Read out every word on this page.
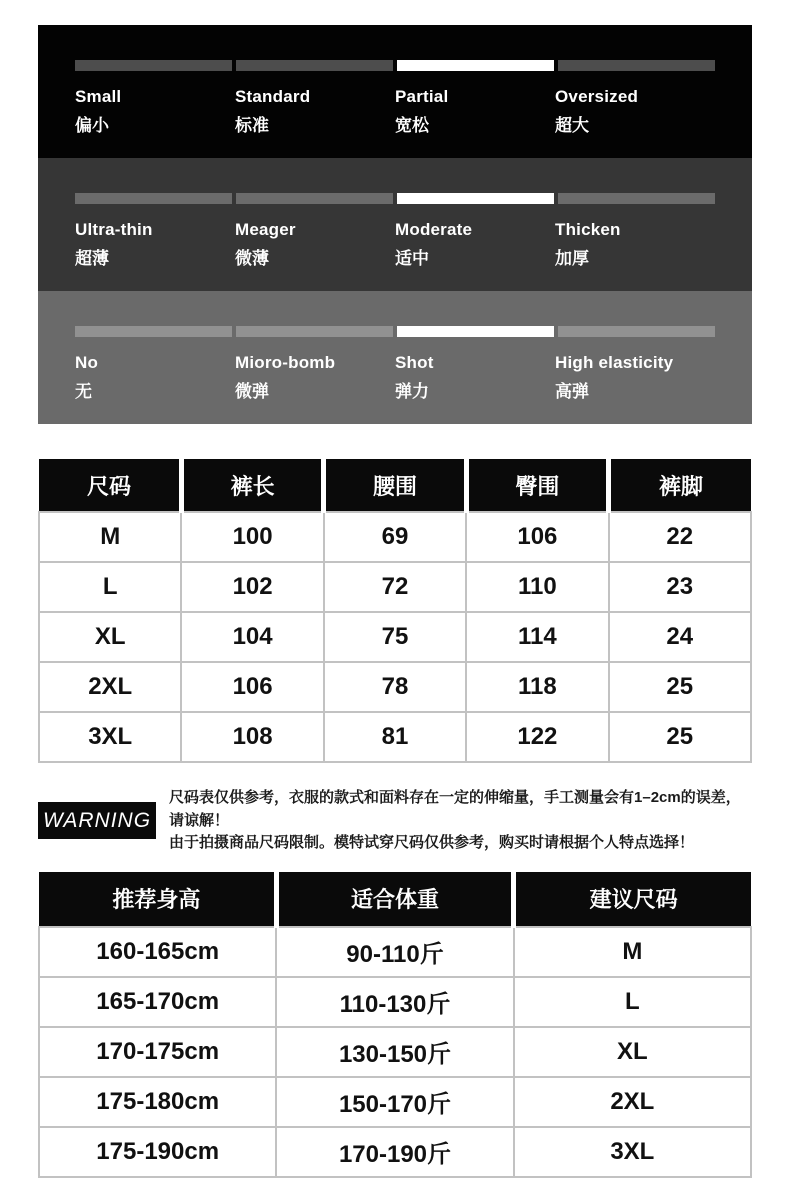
Small
偏小
Standard
标准
Partial
宽松
Oversized
超大
Ultra-thin
超薄
Meager
微薄
Moderate
适中
Thicken
加厚
No
无
Mioro-bomb
微弹
Shot
弹力
High elasticity
高弹
尺码	裤长	腰围	臀围	裤脚
M	100	69	106	22
L	102	72	110	23
XL	104	75	114	24
2XL	106	78	118	25
3XL	108	81	122	25
WARNING
尺码表仅供参考，衣服的款式和面料存在一定的伸缩量，手工测量会有1–2cm的误差，请谅解！
由于拍摄商品尺码限制。模特试穿尺码仅供参考，购买时请根据个人特点选择！
推荐身高	适合体重	建议尺码
160-165cm	90-110斤	M
165-170cm	110-130斤	L
170-175cm	130-150斤	XL
175-180cm	150-170斤	2XL
175-190cm	170-190斤	3XL
